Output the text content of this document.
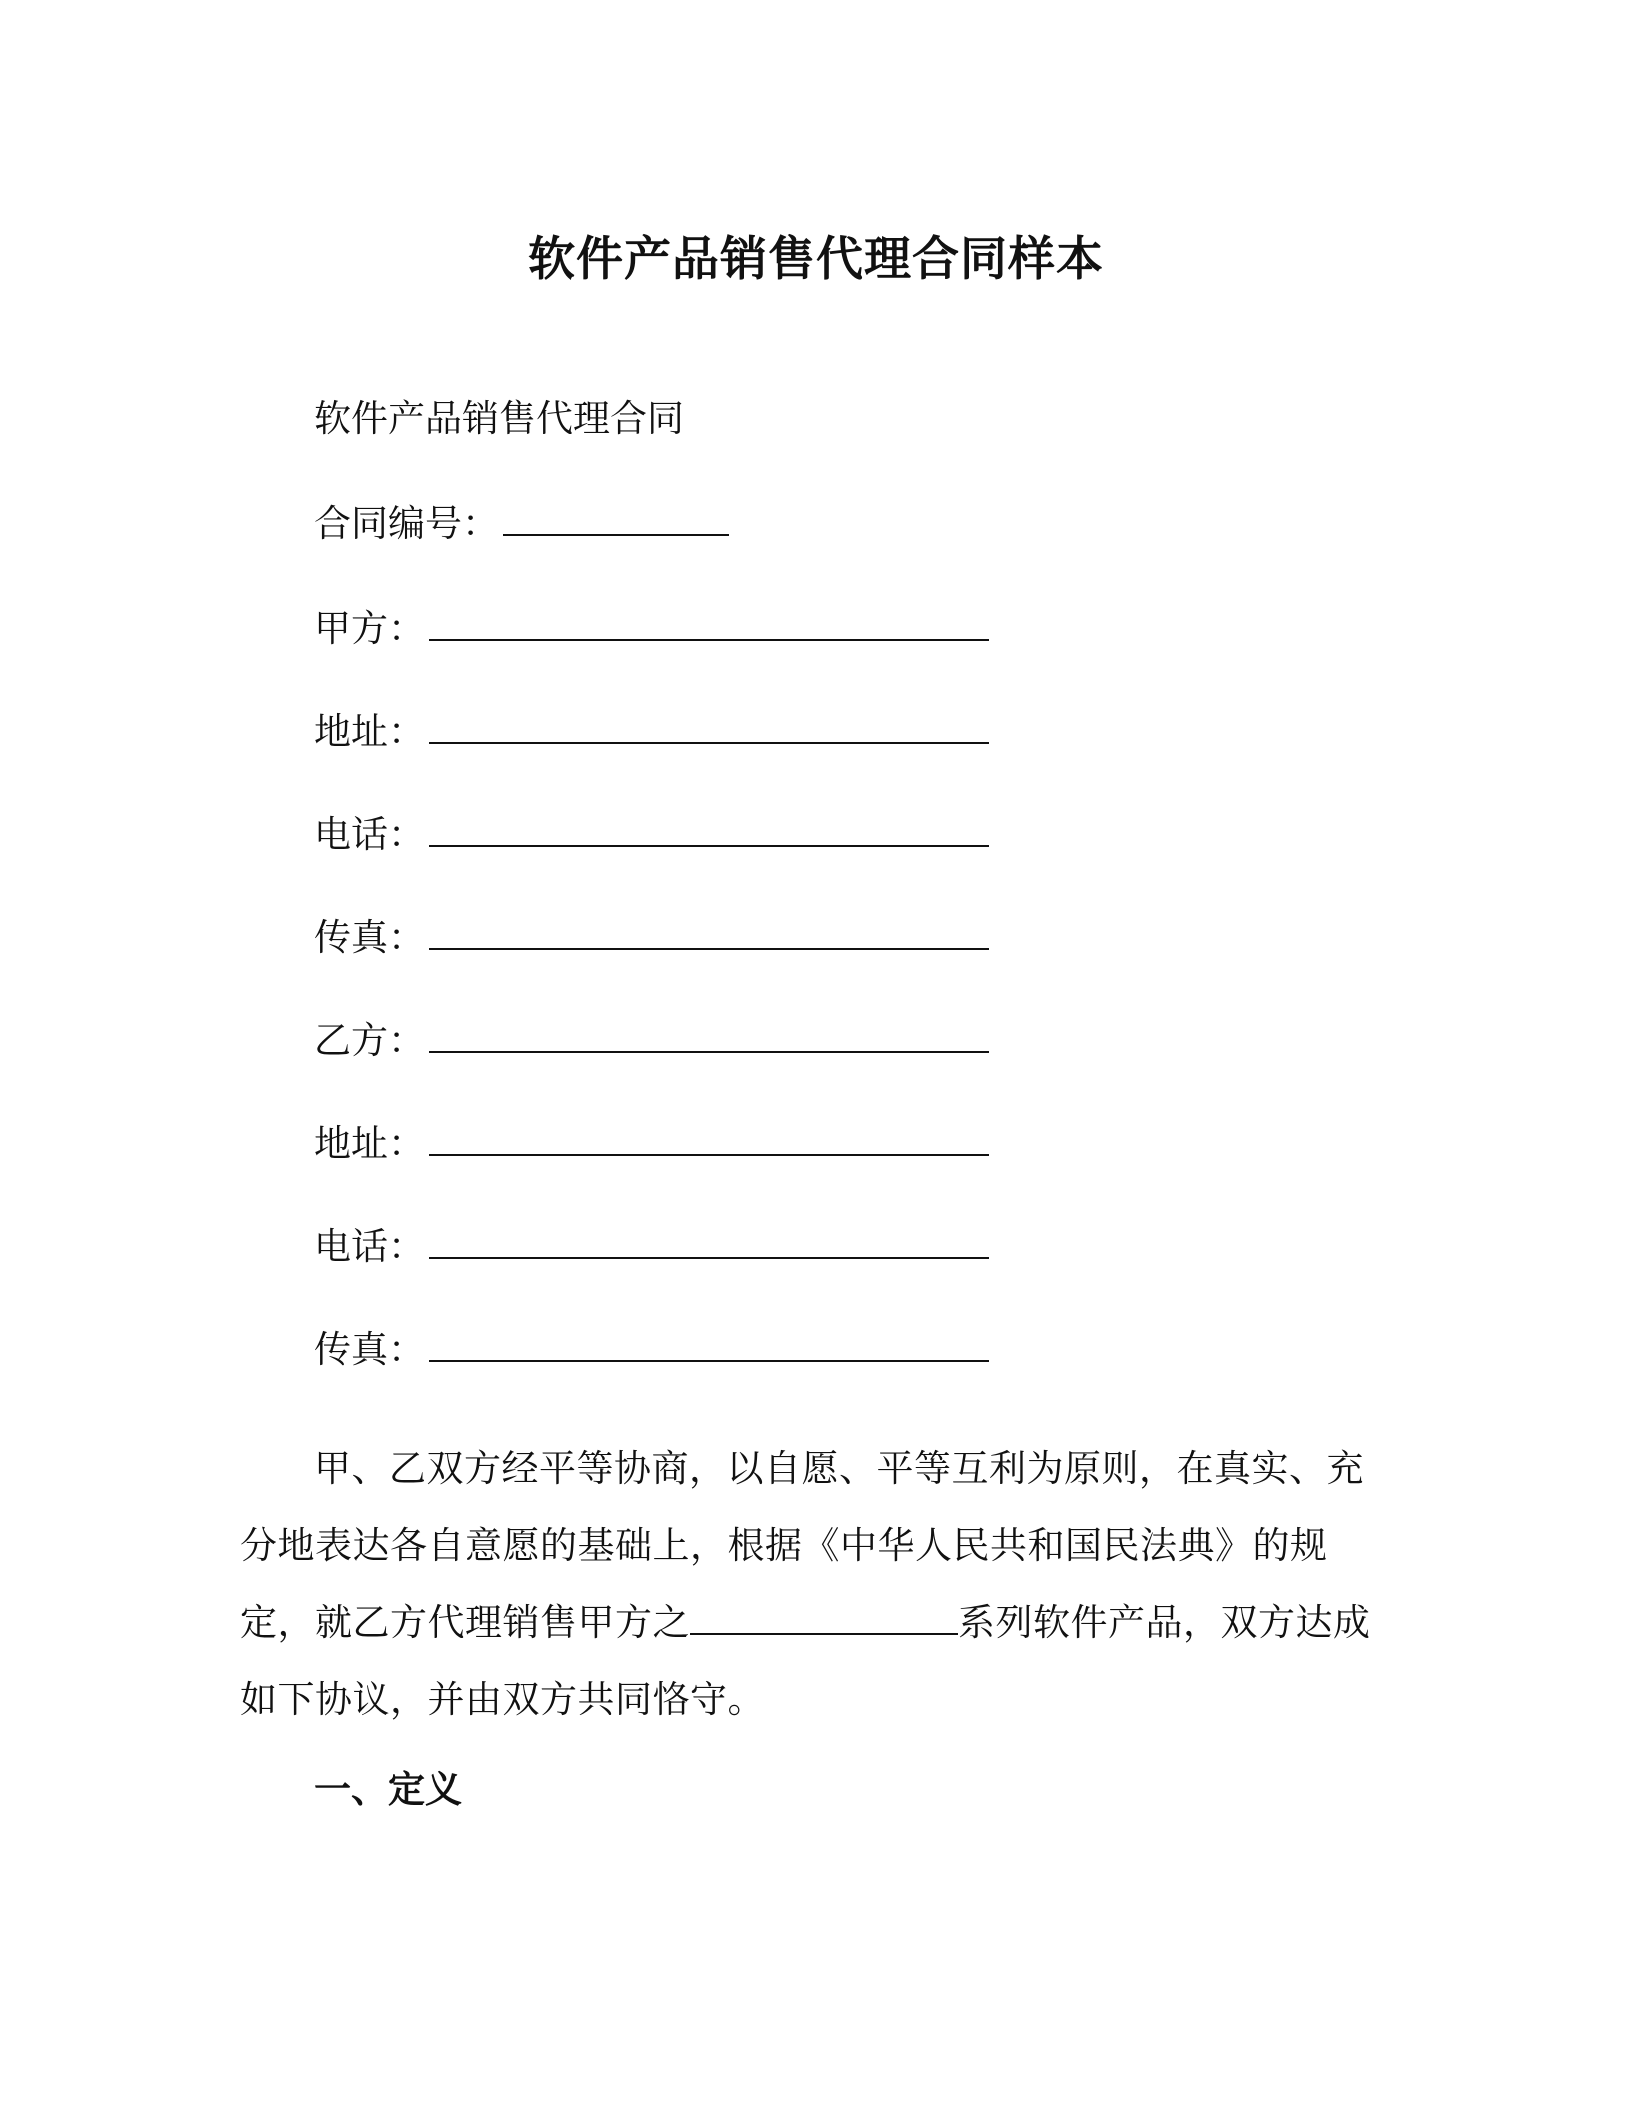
软件产品销售代理合同样本
软件产品销售代理合同
合同编号：
甲方：
地址：
电话：
传真：
乙方：
地址：
电话：
传真：
甲、乙双方经平等协商，以自愿、平等互利为原则，在真实、充分地表达各自意愿的基础上，根据《中华人民共和国民法典》的规定，就乙方代理销售甲方之	系列软件产品，双方达成如下协议，并由双方共同恪守。
一、定义
